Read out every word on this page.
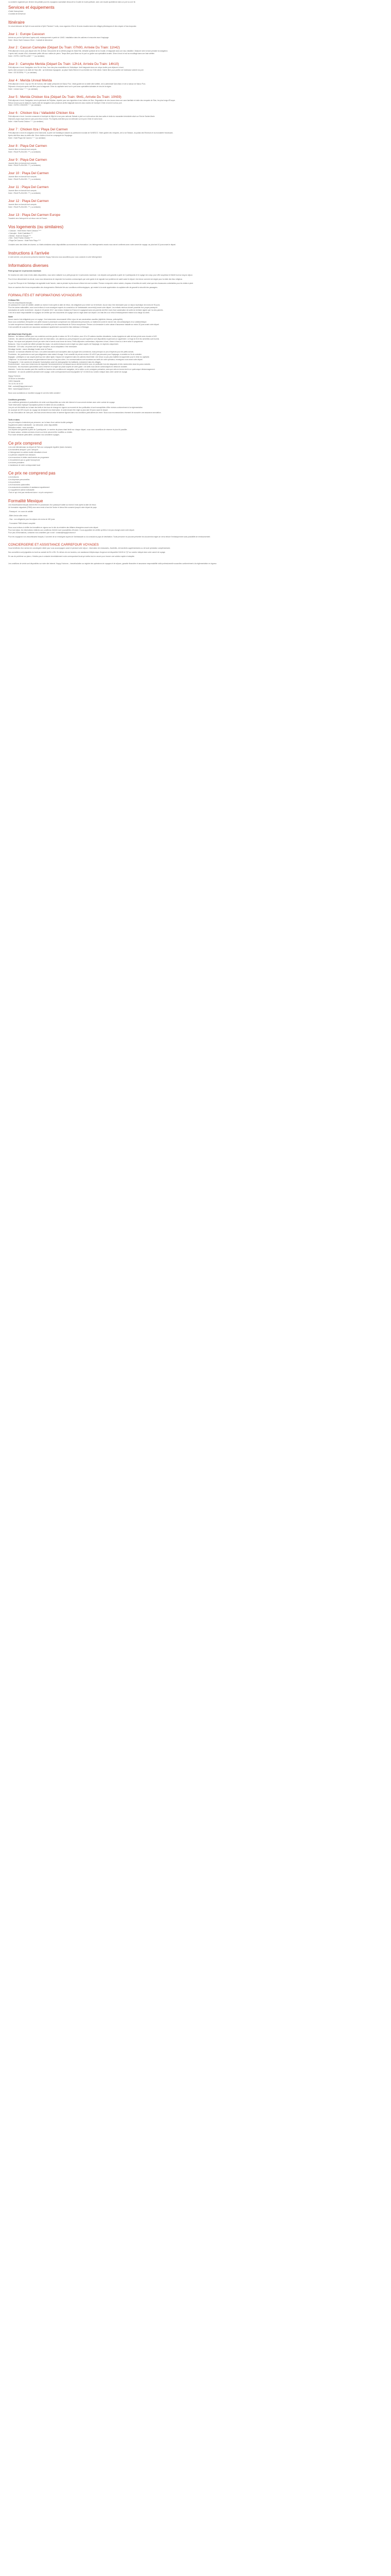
La croisière organisée par Jérôme est parfaite pour les voyageurs souhaitant découvrir la Croatie en toute quiétude, avec une escale quotidienne dans un port ou une île.

Services et équipements

• Guide francophone
• Cocktail de bienvenue

Itinéraire

Ce circuit démarre de Split et vous ramène à Split. Pendant 7 nuits, vous voguerez d'île en île avec escales dans des villages pittoresques et des criques à l'eau turquoise.

Jour 1 : Europe Cassoun

Arrivée au port de Split dans l'après-midi, embarquement à partir de 14h00. Installation dans les cabines et rencontre avec l'équipage.

Hotel : Motor Yacht Cassoun Dîner : Cocktail de bienvenue

Jour 2 : Cascun Camoyke (Départ Du Train: 07h00, Arrivée Du Train: 11h42)

Petit-déjeuner à bord, puis départ vers l'île de Brač. Découverte de la célèbre plage de Zlatni Rat, véritable symbole de la Croatie, et baignade dans une eau cristalline. Déjeuner servi à bord pendant la navigation.

L'après-midi, escale à Bol, charmante petite ville aux ruelles de pierre. Temps libre pour flâner sur le port ou goûter aux spécialités locales. Dîner à bord et nuit au mouillage dans une baie abritée.

Hotel : HOTEL CASTELLANE * * * (ou similaire)

Jour 3 : Camoyke Merida (Départ Du Train: 12h14, Arrivée Du Train: 14h10)

Petit-déjeuner à bord. Navigation vers l'île de Hvar, l'une des plus ensoleillées de l'Adriatique. Arrêt baignade dans une crique isolée puis déjeuner à bord.

Après-midi consacré à la visite de Hvar-ville : sa forteresse espagnole, sa place Saint-Étienne et son théâtre du XVIIe siècle. Soirée libre pour profiter de l'ambiance animée du port.

Hotel : DE DIOSPAL *** ( ou similaire)

Jour 4 : Merida Unreal Merida

Petit-déjeuner à bord. Cap sur l'île de Korčula, ville natale présumée de Marco Polo. Visite guidée de la vieille ville fortifiée, de la cathédrale Saint-Marc et de la maison de Marco Polo.

Déjeuner à bord puis après-midi libre pour la baignade. Dîner du capitaine servi sur le pont avec spécialités dalmates et vins de la région.

Hotel : Unreal Casa * * * * (ou similaire)

Jour 5 : Merida Chicken Itza (Départ Du Train: 9h41, Arrivée Du Train: 10h59)

Petit-déjeuner à bord. Navigation vers la péninsule de Pelješac, réputée pour ses vignobles et ses huîtres de Ston. Dégustation de vins locaux dans une cave familiale et visite des remparts de Ston, les plus longs d'Europe.

Retour à bord pour le déjeuner. Après-midi de navigation avec plusieurs arrêts baignade dans les eaux claires de l'archipel. Dîner à bord et nuit au port.

Hotel : HOTEL CHICKEN * * * (ou similaire)

Jour 6 : Chicken Itza / Valladolid Chicken Itza

Petit-déjeuner à bord. Journée consacrée à l'archipel de Mljet et à son parc national. Balade à pied ou à vélo autour des lacs salés et visite du monastère bénédictin situé sur l'îlot de Sainte-Marie.

Déjeuner pique-nique dans le parc puis retour à bord. Fin d'après-midi libre pour se détendre sur le pont. Dîner et nuit à bord.

Hotel : Hotel Puerta Chicken * * * (ou similaire)

Jour 7 : Chicken Itza / Playa Del Carmen

Petit-déjeuner à bord et navigation vers Dubrovnik, la perle de l'Adriatique classée au patrimoine mondial de l'UNESCO. Visite guidée des remparts, de la rue Stradun, du palais des Recteurs et du monastère franciscain.

Après-midi libre dans la vieille ville. Dîner d'adieu à bord en compagnie de l'équipage.

Hotel : Hotel Playa Del Carmen * * * (ou similaire)

Jour 8 : Playa Del Carmen

Journée libre en formule tout compris.

Hotel : PALM PLAYA DEL *** ( ou similaire)

Jour 9 : Playa Del Carmen

Journée libre en formule tout compris.

Hotel : PALM PLAYA DEL *** ( ou similaire)

Jour 10 : Playa Del Carmen

Journée libre en formule tout compris.

Hotel : PALM PLAYA DEL *** ( ou similaire)

Jour 11 : Playa Del Carmen

Journée libre en formule tout compris.

Hotel : PALM PLAYA DEL *** ( ou similaire)

Jour 12 : Playa Del Carmen

Journée libre en formule tout compris.

Hotel : PALM PLAYA DEL *** ( ou similaire)

Jour 13 : Playa Del Carmen Europe

Transfert vers l'aéroport et vol retour vers la France.

Vos logements (ou similaires)

• Cassoun : Hotel Motor Yacht Cassoun ****

• Camoyke : Hotel Castellane ***

• Merida : Hotel de Diospal ***

• Mex : Hotel Puerta Chicken ***

• Playa Del Carmen : Hotel Palm Playa ****

Croisière avec des hôtels de charme, ou hôtels similaires selon disponibilités au moment de la réservation. Les hébergements exacts vous seront confirmés avec votre carnet de voyage, au plus tard 10 jours avant le départ.

Instructions à l'arrivée

À votre arrivée, une personne portant la bannière Happy Horizons vous accueillera pour vous conduire à votre hébergement.

Informations diverses

Point groupe de 14 personnes maximum

En fonction de votre choix et des dates disponibles, vous serez rattaché à un petit groupe de 14 personnes maximum. Les départs sont garantis à partir de 2 participants et le voyage est conçu pour offrir souplesse et liberté tout au long du séjour.

Pour le bon déroulement du circuit, nous vous demandons de respecter les horaires communiqués par votre guide et de signaler tout problème de santé avant le départ. Une tenue correcte est exigée pour la visite des lieux religieux.

Le port de l'Europe et de l'Adriatique est agréable toute l'année, mais la période la plus douce s'étend de mai à octobre. Pensez à emporter crème solaire, chapeau et lunettes de soleil, ainsi que des chaussures confortables pour les visites à pied.

Nous ne saurions être tenus responsables des changements d'itinéraire liés aux conditions météorologiques, qui restent à la seule appréciation du capitaine afin de garantir la sécurité des passagers.

FORMALITÉS ET INFORMATIONS VOYAGEURS

FORMALITÉS

Pour les ressortissants français :

Un passeport en cours de validité, valable au moins 6 mois après la date de retour, est obligatoire pour entrer sur le territoire. Aucun visa n'est nécessaire pour un séjour touristique de moins de 90 jours.

Pour les autres nationalités, nous vous invitons à vous renseigner auprès du consulat ou de l'ambassade concerné(e) avant votre départ. Les enfants mineurs doivent posséder leur propre passeport.

Autorisation de sortie du territoire : depuis le 15 janvier 2017, tout mineur résidant en France et voyageant sans ses parents doit être muni d'une autorisation de sortie du territoire signée par l'un des parents.

Il est de la seule responsabilité du voyageur de vérifier que ses documents de voyage sont en règle avant son départ. Les frais liés à un refus d'embarquement restent à la charge du client.

Santé

Aucun vaccin n'est obligatoire pour ce voyage. Il est néanmoins recommandé d'être à jour de ses vaccinations usuelles (diphtérie, tétanos, poliomyélite).

Nous vous conseillons d'emporter une petite trousse à pharmacie comprenant vos médicaments personnels, un traitement contre le mal de mer, des antiseptiques et un antidiarrhéique.

La carte européenne d'assurance maladie est conseillée pour les ressortissants de l'Union européenne. Pensez à la demander à votre caisse d'assurance maladie au moins 15 jours avant votre départ.

Il est conseillé de souscrire une assurance assistance rapatriement couvrant les frais médicaux à l'étranger.

INFORMATIONS PRATIQUES

Bateaux : les bateaux utilisés pour nos croisières sont des yachts à moteur de 30 à 40 mètres, avec 15 à 20 cabines doubles climatisées, toutes équipées de salle de bain privée avec douche et WC.

Cabines : les cabines sont attribuées par ordre de réservation. Les cabines au pont principal et au pont supérieur sont disponibles moyennant un supplément. Le linge de lit et les serviettes sont fournis.

Repas : les repas sont préparés à bord par notre chef et servis sous forme de menu. Petits-déjeuners continentaux, déjeuners à bord, dîners à bord ou à terre selon le programme.

Boissons : l'eau en carafe est offerte pendant les repas. Les autres boissons sont à régler sur place auprès de l'équipage, en espèces uniquement.

Électricité : 220 volts. Les prises sont de type européen, aucun adaptateur n'est nécessaire.

Décalage horaire : aucun décalage horaire avec la France.

Monnaie : la monnaie officielle est l'euro. Les cartes bancaires sont acceptées dans la plupart des commerces, mais prévoyez un peu d'espèces pour les petits achats.

Pourboires : les pourboires ne sont pas obligatoires mais restent d'usage. Il est conseillé de prévoir environ 40 à 50 € par personne pour l'équipage, à remettre en fin de croisière.

Bagages : privilégiez un sac souple plutôt qu'une valise rigide, l'espace de rangement dans les cabines étant limité. Une tenue un peu plus habillée est appréciée pour le dîner du capitaine.

Téléphone : la couverture réseau est généralement bonne le long des côtes. Les communications sont soumises aux tarifs de votre opérateur, renseignez-vous avant votre départ.

Photographie : il est courtois de demander l'autorisation avant de photographier les habitants, notamment dans les villages.

Environnement : nous vous remercions de respecter l'environnement en ne laissant aucun déchet derrière vous, en particulier lors des baignades et des randonnées dans les parcs naturels.

Excursions : les excursions optionnelles sont à réserver et à régler sur place auprès de votre guide. Les tarifs vous seront communiqués en début de croisière.

Itinéraire : l'ordre des escales peut être modifié en fonction des conditions de navigation, de la météo ou de consignes portuaires, sans que cela ne donne droit à un quelconque dédommagement.

Assistance : en cas de problème pendant votre voyage, notre correspondant local est joignable 7j/7 et 24h/24 au numéro indiqué dans votre carnet de voyage.

Happy Horizons

25 Bd de la Libération

13001 Marseille

Tél. 04 91 00 00 00

Mail : contact@happyhorizons.fr

Web : www.happyhorizons.fr

Nous vous souhaitons un excellent voyage et une très belle croisière !

Conditions générales

Les conditions générales et particulières de vente sont disponibles sur notre site internet et vous seront remises avec votre contrat de voyage.

Toute réservation implique l'acceptation pleine et entière de ces conditions.

Les prix ont été établis sur la base des tarifs et des taux de change en vigueur au moment de leur publication et sont susceptibles d'être révisés conformément à la réglementation.

Un acompte de 30% du prix du voyage est demandé à la réservation, le solde devant être réglé au plus tard 30 jours avant le départ.

En cas d'annulation de votre part, des frais seront retenus selon le barème figurant dans nos conditions particulières de vente. Nous vous recommandons vivement de souscrire une assurance annulation.

Tarifs et dates

Les prix indiqués s'entendent par personne, sur la base d'une cabine double partagée.

Supplément cabine individuelle : sur demande, selon disponibilité.

Réduction enfant : nous consulter.

Les départs sont garantis à partir de 2 participants. Le nombre de places étant limité sur chaque départ, nous vous conseillons de réserver le plus tôt possible.

En basse saison, certains services à bord ou à terre peuvent être modifiés ou réduits.

Pour toute demande particulière, contactez nos conseillers voyages.

Ce prix comprend

• Les vols internationaux au départ de Paris sur compagnie régulière (taxes incluses)
• Les transferts aéroport / port / aéroport
• L'hébergement en cabine double climatisée à bord
• La pension complète hors boissons
• Les excursions et visites mentionnées au programme
• L'encadrement par un guide francophone
• Les taxes portuaires
• L'assistance de notre correspondant local

Ce prix ne comprend pas

• Les boissons
• Les dépenses personnelles
• Les pourboires
• Les excursions optionnelles
• Les assurances annulation et assistance rapatriement
• Le supplément cabine individuelle
• Tout ce qui n'est pas mentionné dans « ce prix comprend »

Formalité Mexique

Les ressortissants français doivent être en possession d'un passeport valide au moins 6 mois après la date de retour.

Un formulaire migratoire (FMM) vous sera remis à bord de l'avion et devra être conservé jusqu'à votre départ du pays.

- Passeport : en cours de validité

- Billet d'avion aller-retour

- Visa : non obligatoire pour les séjours de moins de 180 jours

- Formulaire FMM dûment complété

Nous vous invitons à vérifier les formalités en vigueur sur le site du ministère des Affaires étrangères avant votre départ.

Pour tout séjour, les informations relatives aux conditions d'entrée sont susceptibles d'évoluer. Il vous appartient de vérifier qu'elles n'ont pas changé avant votre départ.

Pour plus d'informations, contactez nos conseillers par e-mail : contact@happyhorizons.fr

Pour les voyageurs non-ressortissants français, il convient de se renseigner auprès de l'ambassade ou du consulat du pays de destination. Toute personne ne pouvant présenter les documents exigés se verra refuser l'embarquement sans possibilité de remboursement.

CONCIERGERIE ET ASSISTANCE CARREFOUR VOYAGES

Vous bénéficiez d'un service de conciergerie dédié pour vous accompagner avant et pendant votre séjour : réservation de restaurants, d'activités, de transferts supplémentaires ou de toute prestation complémentaire.

Nos conseillers sont joignables du lundi au samedi de 9h à 19h. En dehors de ces horaires, une assistance téléphonique d'urgence est disponible 24h/24 et 7j/7 au numéro indiqué dans votre carnet de voyage.

En cas de problème sur place, n'hésitez pas à contacter immédiatement notre correspondant local qui mettra tout en œuvre pour trouver une solution rapide et adaptée.

Les conditions de vente sont disponibles sur notre site internet. Happy Horizons – immatriculation au registre des opérateurs de voyages et de séjours, garantie financière et assurance responsabilité civile professionnelle souscrites conformément à la réglementation en vigueur.
